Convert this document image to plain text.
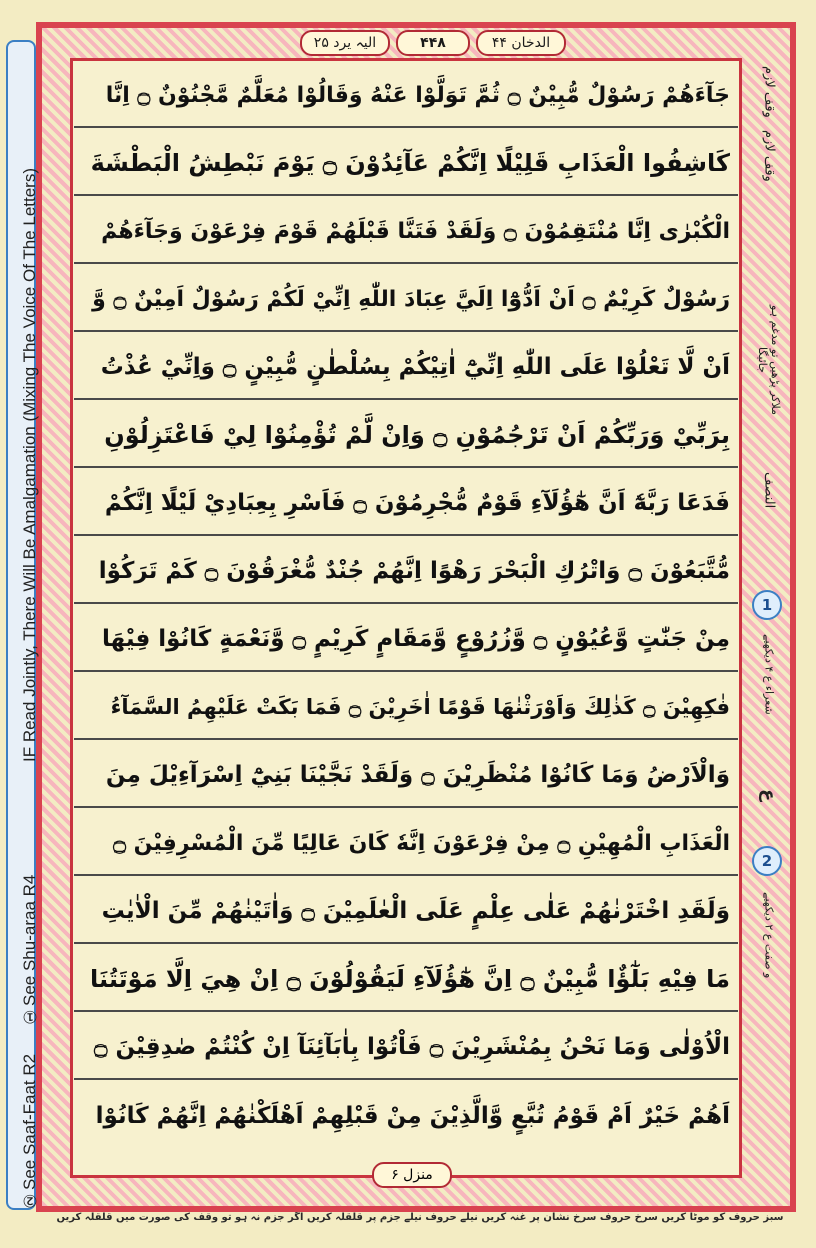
الیہ یرد ۲۵	۴۴۸	الدخان ۴۴
IF Read Jointly, There Will Be Amalgamation (Mixing The Voice Of The Letters)
①See Shu-araa R4
②See Saaf-Faat R2
وقف لازم
وقف لازم
ملاکر پڑھیں تو مدغم ہو جائیگا
النصف
1
شعراء ع ۴ دیکھیے
ع
2
و صفت ع ۲ دیکھیے
جَآءَهُمْ رَسُوْلٌ مُّبِيْنٌ ۝ ثُمَّ تَوَلَّوْا عَنْهُ وَقَالُوْا مُعَلَّمٌ مَّجْنُوْنٌ ۝ اِنَّا
كَاشِفُوا الْعَذَابِ قَلِيْلًا اِنَّكُمْ عَآئِدُوْنَ ۝ يَوْمَ نَبْطِشُ الْبَطْشَةَ
الْكُبْرٰى اِنَّا مُنْتَقِمُوْنَ ۝ وَلَقَدْ فَتَنَّا قَبْلَهُمْ قَوْمَ فِرْعَوْنَ وَجَآءَهُمْ
رَسُوْلٌ كَرِيْمٌ ۝ اَنْ اَدُّوْٓا اِلَيَّ عِبَادَ اللّٰهِ اِنِّيْ لَكُمْ رَسُوْلٌ اَمِيْنٌ ۝ وَّ
اَنْ لَّا تَعْلُوْا عَلَى اللّٰهِ اِنِّيْٓ اٰتِيْكُمْ بِسُلْطٰنٍ مُّبِيْنٍ ۝ وَاِنِّيْ عُذْتُ
بِرَبِّيْ وَرَبِّكُمْ اَنْ تَرْجُمُوْنِ ۝ وَاِنْ لَّمْ تُؤْمِنُوْا لِيْ فَاعْتَزِلُوْنِ
فَدَعَا رَبَّهٗٓ اَنَّ هٰٓؤُلَآءِ قَوْمٌ مُّجْرِمُوْنَ ۝ فَاَسْرِ بِعِبَادِيْ لَيْلًا اِنَّكُمْ
مُّتَّبَعُوْنَ ۝ وَاتْرُكِ الْبَحْرَ رَهْوًا اِنَّهُمْ جُنْدٌ مُّغْرَقُوْنَ ۝ كَمْ تَرَكُوْا
مِنْ جَنّٰتٍ وَّعُيُوْنٍ ۝ وَّزُرُوْعٍ وَّمَقَامٍ كَرِيْمٍ ۝ وَّنَعْمَةٍ كَانُوْا فِيْهَا
فٰكِهِيْنَ ۝ كَذٰلِكَ وَاَوْرَثْنٰهَا قَوْمًا اٰخَرِيْنَ ۝ فَمَا بَكَتْ عَلَيْهِمُ السَّمَآءُ
وَالْاَرْضُ وَمَا كَانُوْا مُنْظَرِيْنَ ۝ وَلَقَدْ نَجَّيْنَا بَنِيْٓ اِسْرَآءِيْلَ مِنَ
الْعَذَابِ الْمُهِيْنِ ۝ مِنْ فِرْعَوْنَ اِنَّهٗ كَانَ عَالِيًا مِّنَ الْمُسْرِفِيْنَ ۝
وَلَقَدِ اخْتَرْنٰهُمْ عَلٰى عِلْمٍ عَلَى الْعٰلَمِيْنَ ۝ وَاٰتَيْنٰهُمْ مِّنَ الْاٰيٰتِ
مَا فِيْهِ بَلٰٓؤٌا مُّبِيْنٌ ۝ اِنَّ هٰٓؤُلَآءِ لَيَقُوْلُوْنَ ۝ اِنْ هِيَ اِلَّا مَوْتَتُنَا
الْاُوْلٰى وَمَا نَحْنُ بِمُنْشَرِيْنَ ۝ فَاْتُوْا بِاٰبَآئِنَآ اِنْ كُنْتُمْ صٰدِقِيْنَ ۝
اَهُمْ خَيْرٌ اَمْ قَوْمُ تُبَّعٍ وَّالَّذِيْنَ مِنْ قَبْلِهِمْ اَهْلَكْنٰهُمْ اِنَّهُمْ كَانُوْا
منزل ۶
سبز حروف کو موٹا کریں سرخ حروف سرخ نشان پر غنہ کریں نیلے حروف نیلے جزم پر قلقلہ کریں اگر جزم نہ ہو تو وقف کی صورت میں قلقلہ کریں
